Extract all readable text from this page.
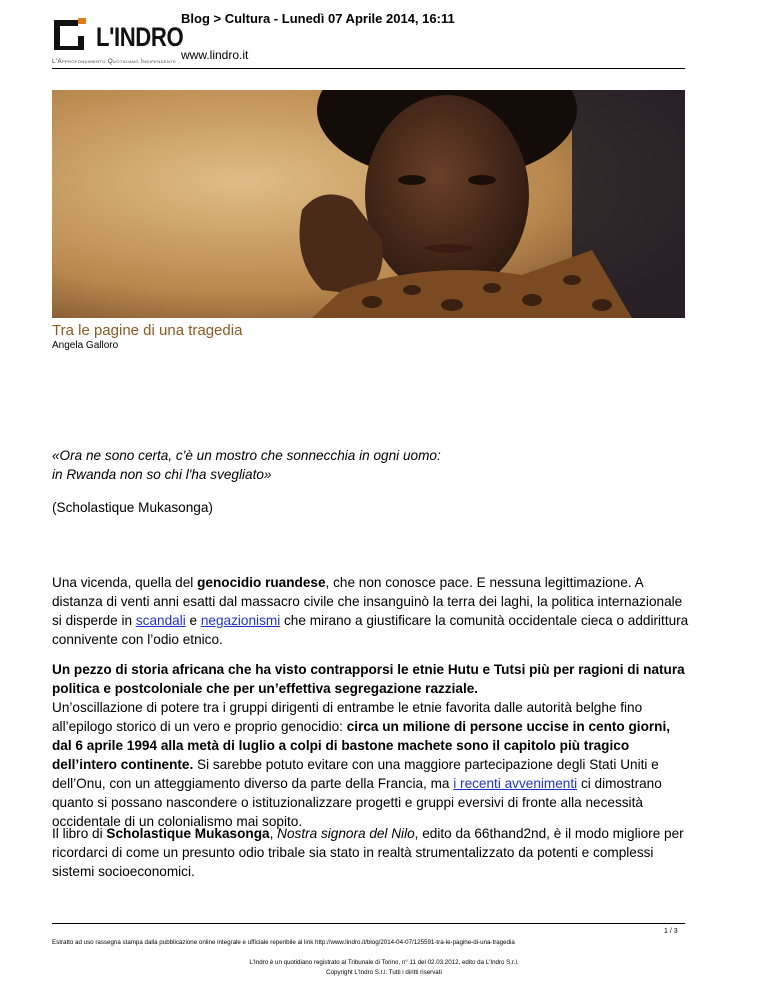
L'INDRO
L'Approfondimento Quotidiano Indipendente
Blog > Cultura - Lunedì 07 Aprile 2014, 16:11
www.lindro.it
Tra le pagine di una tragedia
Angela Galloro
«Ora ne sono certa, c'è un mostro che sonnecchia in ogni uomo:
in Rwanda non so chi l'ha svegliato»
(Scholastique Mukasonga)
Una vicenda, quella del genocidio ruandese, che non conosce pace. E nessuna legittimazione. A distanza di venti anni esatti dal massacro civile che insanguinò la terra dei laghi, la politica internazionale si disperde in scandali e negazionismi che mirano a giustificare la comunità occidentale cieca o addirittura connivente con l’odio etnico.
Un pezzo di storia africana che ha visto contrapporsi le etnie Hutu e Tutsi più per ragioni di natura politica e postcoloniale che per un’effettiva segregazione razziale.
Un’oscillazione di potere tra i gruppi dirigenti di entrambe le etnie favorita dalle autorità belghe fino all’epilogo storico di un vero e proprio genocidio: circa un milione di persone uccise in cento giorni, dal 6 aprile 1994 alla metà di luglio a colpi di bastone machete sono il capitolo più tragico dell’intero continente. Si sarebbe potuto evitare con una maggiore partecipazione degli Stati Uniti e dell’Onu, con un atteggiamento diverso da parte della Francia, ma i recenti avvenimenti ci dimostrano quanto si possano nascondere o istituzionalizzare progetti e gruppi eversivi di fronte alla necessità occidentale di un colonialismo mai sopito.
Il libro di Scholastique Mukasonga, Nostra signora del Nilo, edito da 66thand2nd, è il modo migliore per ricordarci di come un presunto odio tribale sia stato in realtà strumentalizzato da potenti e complessi sistemi socioeconomici.
1 / 3
Estratto ad uso rassegna stampa dalla pubblicazione online integrale e ufficiale reperibile al link http://www.lindro.it/blog/2014-04-07/125591-tra-le-pagine-di-una-tragedia
L'Indro è un quotidiano registrato al Tribunale di Torino, n° 11 del 02.03.2012, edito da L'Indro S.r.l.
Copyright L'Indro S.r.l. Tutti i diritti riservati
